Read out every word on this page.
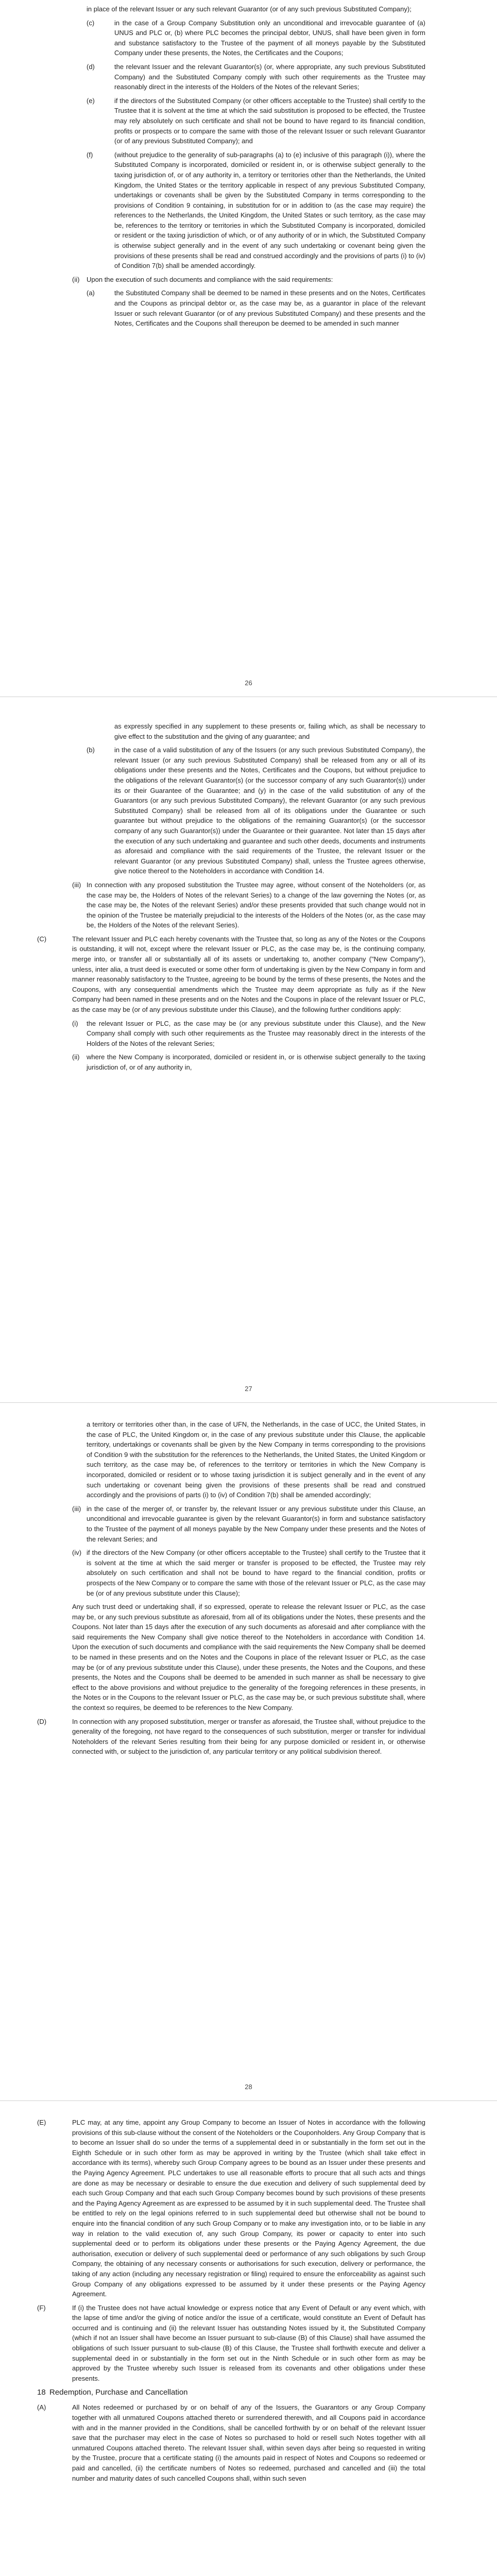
in place of the relevant Issuer or any such relevant Guarantor (or of any such previous Substituted Company);

(c)	in the case of a Group Company Substitution only an unconditional and irrevocable guarantee of (a) UNUS and PLC or, (b) where PLC becomes the principal debtor, UNUS, shall have been given in form and substance satisfactory to the Trustee of the payment of all moneys payable by the Substituted Company under these presents, the Notes, the Certificates and the Coupons;

(d)	the relevant Issuer and the relevant Guarantor(s) (or, where appropriate, any such previous Substituted Company) and the Substituted Company comply with such other requirements as the Trustee may reasonably direct in the interests of the Holders of the Notes of the relevant Series;

(e)	if the directors of the Substituted Company (or other officers acceptable to the Trustee) shall certify to the Trustee that it is solvent at the time at which the said substitution is proposed to be effected, the Trustee may rely absolutely on such certificate and shall not be bound to have regard to its financial condition, profits or prospects or to compare the same with those of the relevant Issuer or such relevant Guarantor (or of any previous Substituted Company); and

(f)	(without prejudice to the generality of sub-paragraphs (a) to (e) inclusive of this paragraph (i)), where the Substituted Company is incorporated, domiciled or resident in, or is otherwise subject generally to the taxing jurisdiction of, or of any authority in, a territory or territories other than the Netherlands, the United Kingdom, the United States or the territory applicable in respect of any previous Substituted Company, undertakings or covenants shall be given by the Substituted Company in terms corresponding to the provisions of Condition 9 containing, in substitution for or in addition to (as the case may require) the references to the Netherlands, the United Kingdom, the United States or such territory, as the case may be, references to the territory or territories in which the Substituted Company is incorporated, domiciled or resident or the taxing jurisdiction of which, or of any authority of or in which, the Substituted Company is otherwise subject generally and in the event of any such undertaking or covenant being given the provisions of these presents shall be read and construed accordingly and the provisions of parts (i) to (iv) of Condition 7(b) shall be amended accordingly.

(ii) Upon the execution of such documents and compliance with the said requirements:

(a)	the Substituted Company shall be deemed to be named in these presents and on the Notes, Certificates and the Coupons as principal debtor or, as the case may be, as a guarantor in place of the relevant Issuer or such relevant Guarantor (or of any previous Substituted Company) and these presents and the Notes, Certificates and the Coupons shall thereupon be deemed to be amended in such manner

26

as expressly specified in any supplement to these presents or, failing which, as shall be necessary to give effect to the substitution and the giving of any guarantee; and

(b)	in the case of a valid substitution of any of the Issuers (or any such previous Substituted Company), the relevant Issuer (or any such previous Substituted Company) shall be released from any or all of its obligations under these presents and the Notes, Certificates and the Coupons, but without prejudice to the obligations of the relevant Guarantor(s) (or the successor company of any such Guarantor(s)) under its or their Guarantee of the Guarantee; and (y) in the case of the valid substitution of any of the Guarantors (or any such previous Substituted Company), the relevant Guarantor (or any such previous Substituted Company) shall be released from all of its obligations under the Guarantee or such guarantee but without prejudice to the obligations of the remaining Guarantor(s) (or the successor company of any such Guarantor(s)) under the Guarantee or their guarantee. Not later than 15 days after the execution of any such undertaking and guarantee and such other deeds, documents and instruments as aforesaid and compliance with the said requirements of the Trustee, the relevant Issuer or the relevant Guarantor (or any previous Substituted Company) shall, unless the Trustee agrees otherwise, give notice thereof to the Noteholders in accordance with Condition 14.

(iii) In connection with any proposed substitution the Trustee may agree, without consent of the Noteholders (or, as the case may be, the Holders of Notes of the relevant Series) to a change of the law governing the Notes (or, as the case may be, the Notes of the relevant Series) and/or these presents provided that such change would not in the opinion of the Trustee be materially prejudicial to the interests of the Holders of the Notes (or, as the case may be, the Holders of the Notes of the relevant Series).

(C)	The relevant Issuer and PLC each hereby covenants with the Trustee that, so long as any of the Notes or the Coupons is outstanding, it will not, except where the relevant Issuer or PLC, as the case may be, is the continuing company, merge into, or transfer all or substantially all of its assets or undertaking to, another company ("New Company"), unless, inter alia, a trust deed is executed or some other form of undertaking is given by the New Company in form and manner reasonably satisfactory to the Trustee, agreeing to be bound by the terms of these presents, the Notes and the Coupons, with any consequential amendments which the Trustee may deem appropriate as fully as if the New Company had been named in these presents and on the Notes and the Coupons in place of the relevant Issuer or PLC, as the case may be (or of any previous substitute under this Clause), and the following further conditions apply:

(i) the relevant Issuer or PLC, as the case may be (or any previous substitute under this Clause), and the New Company shall comply with such other requirements as the Trustee may reasonably direct in the interests of the Holders of the Notes of the relevant Series;

(ii) where the New Company is incorporated, domiciled or resident in, or is otherwise subject generally to the taxing jurisdiction of, or of any authority in,

27

a territory or territories other than, in the case of UFN, the Netherlands, in the case of UCC, the United States, in the case of PLC, the United Kingdom or, in the case of any previous substitute under this Clause, the applicable territory, undertakings or covenants shall be given by the New Company in terms corresponding to the provisions of Condition 9 with the substitution for the references to the Netherlands, the United States, the United Kingdom or such territory, as the case may be, of references to the territory or territories in which the New Company is incorporated, domiciled or resident or to whose taxing jurisdiction it is subject generally and in the event of any such undertaking or covenant being given the provisions of these presents shall be read and construed accordingly and the provisions of parts (i) to (iv) of Condition 7(b) shall be amended accordingly;

(iii) in the case of the merger of, or transfer by, the relevant Issuer or any previous substitute under this Clause, an unconditional and irrevocable guarantee is given by the relevant Guarantor(s) in form and substance satisfactory to the Trustee of the payment of all moneys payable by the New Company under these presents and the Notes of the relevant Series; and

(iv) if the directors of the New Company (or other officers acceptable to the Trustee) shall certify to the Trustee that it is solvent at the time at which the said merger or transfer is proposed to be effected, the Trustee may rely absolutely on such certification and shall not be bound to have regard to the financial condition, profits or prospects of the New Company or to compare the same with those of the relevant Issuer or PLC, as the case may be (or of any previous substitute under this Clause);

Any such trust deed or undertaking shall, if so expressed, operate to release the relevant Issuer or PLC, as the case may be, or any such previous substitute as aforesaid, from all of its obligations under the Notes, these presents and the Coupons. Not later than 15 days after the execution of any such documents as aforesaid and after compliance with the said requirements the New Company shall give notice thereof to the Noteholders in accordance with Condition 14. Upon the execution of such documents and compliance with the said requirements the New Company shall be deemed to be named in these presents and on the Notes and the Coupons in place of the relevant Issuer or PLC, as the case may be (or of any previous substitute under this Clause), under these presents, the Notes and the Coupons, and these presents, the Notes and the Coupons shall be deemed to be amended in such manner as shall be necessary to give effect to the above provisions and without prejudice to the generality of the foregoing references in these presents, in the Notes or in the Coupons to the relevant Issuer or PLC, as the case may be, or such previous substitute shall, where the context so requires, be deemed to be references to the New Company.

(D)	In connection with any proposed substitution, merger or transfer as aforesaid, the Trustee shall, without prejudice to the generality of the foregoing, not have regard to the consequences of such substitution, merger or transfer for individual Noteholders of the relevant Series resulting from their being for any purpose domiciled or resident in, or otherwise connected with, or subject to the jurisdiction of, any particular territory or any political subdivision thereof.

28
(E)	PLC may, at any time, appoint any Group Company to become an Issuer of Notes in accordance with the following provisions of this sub-clause without the consent of the Noteholders or the Couponholders. Any Group Company that is to become an Issuer shall do so under the terms of a supplemental deed in or substantially in the form set out in the Eighth Schedule or in such other form as may be approved in writing by the Trustee (which shall take effect in accordance with its terms), whereby such Group Company agrees to be bound as an Issuer under these presents and the Paying Agency Agreement. PLC undertakes to use all reasonable efforts to procure that all such acts and things are done as may be necessary or desirable to ensure the due execution and delivery of such supplemental deed by each such Group Company and that each such Group Company becomes bound by such provisions of these presents and the Paying Agency Agreement as are expressed to be assumed by it in such supplemental deed. The Trustee shall be entitled to rely on the legal opinions referred to in such supplemental deed but otherwise shall not be bound to enquire into the financial condition of any such Group Company or to make any investigation into, or to be liable in any way in relation to the valid execution of, any such Group Company, its power or capacity to enter into such supplemental deed or to perform its obligations under these presents or the Paying Agency Agreement, the due authorisation, execution or delivery of such supplemental deed or performance of any such obligations by such Group Company, the obtaining of any necessary consents or authorisations for such execution, delivery or performance, the taking of any action (including any necessary registration or filing) required to ensure the enforceability as against such Group Company of any obligations expressed to be assumed by it under these presents or the Paying Agency Agreement.

(F)	If (i) the Trustee does not have actual knowledge or express notice that any Event of Default or any event which, with the lapse of time and/or the giving of notice and/or the issue of a certificate, would constitute an Event of Default has occurred and is continuing and (ii) the relevant Issuer has outstanding Notes issued by it, the Substituted Company (which if not an Issuer shall have become an Issuer pursuant to sub-clause (B) of this Clause) shall have assumed the obligations of such Issuer pursuant to sub-clause (B) of this Clause, the Trustee shall forthwith execute and deliver a supplemental deed in or substantially in the form set out in the Ninth Schedule or in such other form as may be approved by the Trustee whereby such Issuer is released from its covenants and other obligations under these presents.

18 Redemption, Purchase and Cancellation
(A)	All Notes redeemed or purchased by or on behalf of any of the Issuers, the Guarantors or any Group Company together with all unmatured Coupons attached thereto or surrendered therewith, and all Coupons paid in accordance with and in the manner provided in the Conditions, shall be cancelled forthwith by or on behalf of the relevant Issuer save that the purchaser may elect in the case of Notes so purchased to hold or resell such Notes together with all unmatured Coupons attached thereto. The relevant Issuer shall, within seven days after being so requested in writing by the Trustee, procure that a certificate stating (i) the amounts paid in respect of Notes and Coupons so redeemed or paid and cancelled, (ii) the certificate numbers of Notes so redeemed, purchased and cancelled and (iii) the total number and maturity dates of such cancelled Coupons shall, within such seven
